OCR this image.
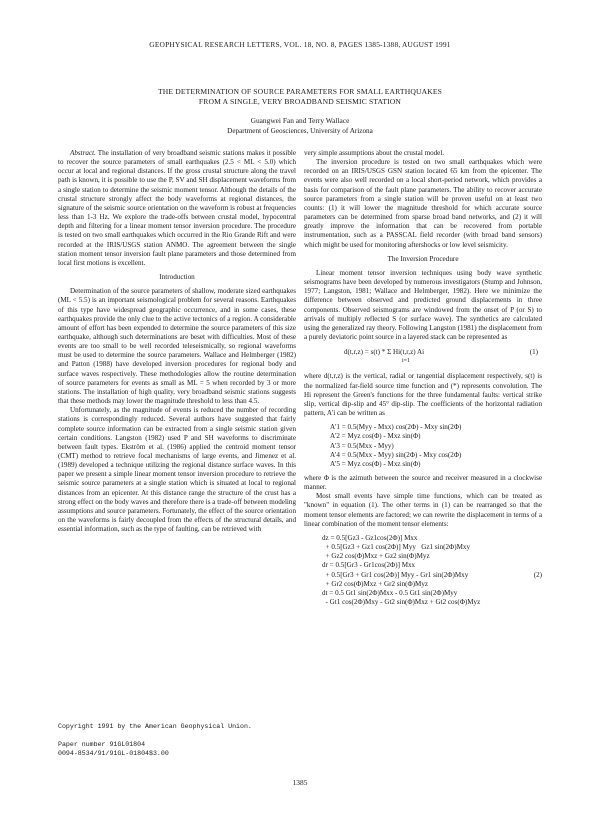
GEOPHYSICAL RESEARCH LETTERS, VOL. 18, NO. 8, PAGES 1385-1388, AUGUST 1991
THE DETERMINATION OF SOURCE PARAMETERS FOR SMALL EARTHQUAKES
FROM A SINGLE, VERY BROADBAND SEISMIC STATION
Guangwei Fan and Terry Wallace
Department of Geosciences, University of Arizona

Abstract. The installation of very broadband seismic stations makes it possible to recover the source parameters of small earthquakes (2.5 < ML < 5.0) which occur at local and regional distances. If the gross crustal structure along the travel path is known, it is possible to use the P, SV and SH displacement waveforms from a single station to determine the seismic moment tensor. Although the details of the crustal structure strongly affect the body waveforms at regional distances, the signature of the seismic source orientation on the waveform is robust at frequencies less than 1-3 Hz. We explore the trade-offs between crustal model, hypocentral depth and filtering for a linear moment tensor inversion procedure. The procedure is tested on two small earthquakes which occurred in the Rio Grande Rift and were recorded at the IRIS/USGS station ANMO. The agreement between the single station moment tensor inversion fault plane parameters and those determined from local first motions is excellent.

Introduction

Determination of the source parameters of shallow, moderate sized earthquakes (ML < 5.5) is an important seismological problem for several reasons. Earthquakes of this type have widespread geographic occurrence, and in some cases, these earthquakes provide the only clue to the active tectonics of a region. A considerable amount of effort has been expended to determine the source parameters of this size earthquake, although such determinations are beset with difficulties. Most of these events are too small to be well recorded teleseismically, so regional waveforms must be used to determine the source parameters. Wallace and Helmberger (1982) and Patton (1988) have developed inversion procedures for regional body and surface waves respectively. These methodologies allow the routine determination of source parameters for events as small as ML = 5 when recorded by 3 or more stations. The installation of high quality, very broadband seismic stations suggests that these methods may lower the magnitude threshold to less than 4.5.

Unfortunately, as the magnitude of events is reduced the number of recording stations is correspondingly reduced. Several authors have suggested that fairly complete source information can be extracted from a single seismic station given certain conditions. Langston (1982) used P and SH waveforms to discriminate between fault types. Ekström et al. (1986) applied the centroid moment tensor (CMT) method to retrieve focal mechanisms of large events, and Jimenez et al. (1989) developed a technique utilizing the regional distance surface waves. In this paper we present a simple linear moment tensor inversion procedure to retrieve the seismic source parameters at a single station which is situated at local to regional distances from an epicenter. At this distance range the structure of the crust has a strong effect on the body waves and therefore there is a trade-off between modeling assumptions and source parameters. Fortunately, the effect of the source orientation on the waveforms is fairly decoupled from the effects of the structural details, and essential information, such as the type of faulting, can be retrieved with

very simple assumptions about the crustal model.

The inversion procedure is tested on two small earthquakes which were recorded on an IRIS/USGS GSN station located 65 km from the epicenter. The events were also well recorded on a local short-period network, which provides a basis for comparison of the fault plane parameters. The ability to recover accurate source parameters from a single station will be proven useful on at least two counts: (1) it will lower the magnitude threshold for which accurate source parameters can be determined from sparse broad band networks, and (2) it will greatly improve the information that can be recovered from portable instrumentation, such as a PASSCAL field recorder (with broad band sensors) which might be used for monitoring aftershocks or low level seismicity.

The Inversion Procedure

Linear moment tensor inversion techniques using body wave synthetic seismograms have been developed by numerous investigators (Stump and Johnson, 1977; Langston, 1981; Wallace and Helmberger, 1982). Here we minimize the difference between observed and predicted ground displacements in three components. Observed seismograms are windowed from the onset of P (or S) to arrivals of multiply reflected S (or surface wave). The synthetics are calculated using the generalized ray theory. Following Langston (1981) the displacement from a purely deviatoric point source in a layered stack can be represented as

d(t,r,z) = s(t) * Σ Hi(t,r,z) Ai
i=1
(1)

where d(t,r,z) is the vertical, radial or tangential displacement respectively, s(t) is the normalized far-field source time function and (*) represents convolution. The Hi represent the Green's functions for the three fundamental faults: vertical strike slip, vertical dip-slip and 45° dip-slip. The coefficients of the horizontal radiation pattern, A'i can be written as

A'1 = 0.5(Myy - Mxx) cos(2Φ) - Mxy sin(2Φ)
A'2 = Myz cos(Φ) - Mxz sin(Φ)
A'3 = 0.5(Mxx - Myy)
A'4 = 0.5(Mxx - Myy) sin(2Φ) - Mxy cos(2Φ)
A'5 = Myz cos(Φ) - Mxz sin(Φ)

where Φ is the azimuth between the source and receiver measured in a clockwise manner.

Most small events have simple time functions, which can be treated as "known" in equation (1). The other terms in (1) can be rearranged so that the moment tensor elements are factored; we can rewrite the displacement in terms of a linear combination of the moment tensor elements:

dz = 0.5[Gz3 - Gz1cos(2Φ)] Mxx
+ 0.5[Gz3 + Gz1 cos(2Φ)] Myy   Gz1 sin(2Φ)Mxy
+ Gz2 cos(Φ)Mxz + Gz2 sin(Φ)Myz
dr = 0.5[Gr3 - Gr1cos(2Φ)] Mxx
+ 0.5[Gr3 + Gr1 cos(2Φ)] Myy - Gr1 sin(2Φ)Mxy	(2)
+ Gr2 cos(Φ)Mxz + Gr2 sin(Φ)Myz
dt = 0.5 Gt1 sin(2Φ)Mxx - 0.5 Gt1 sin(2Φ)Myy
- Gt1 cos(2Φ)Mxy - Gt2 sin(Φ)Mxz + Gt2 cos(Φ)Myz
Copyright 1991 by the American Geophysical Union.
Paper number 91GL01804
0094-8534/91/91GL-01804$3.00
1385
